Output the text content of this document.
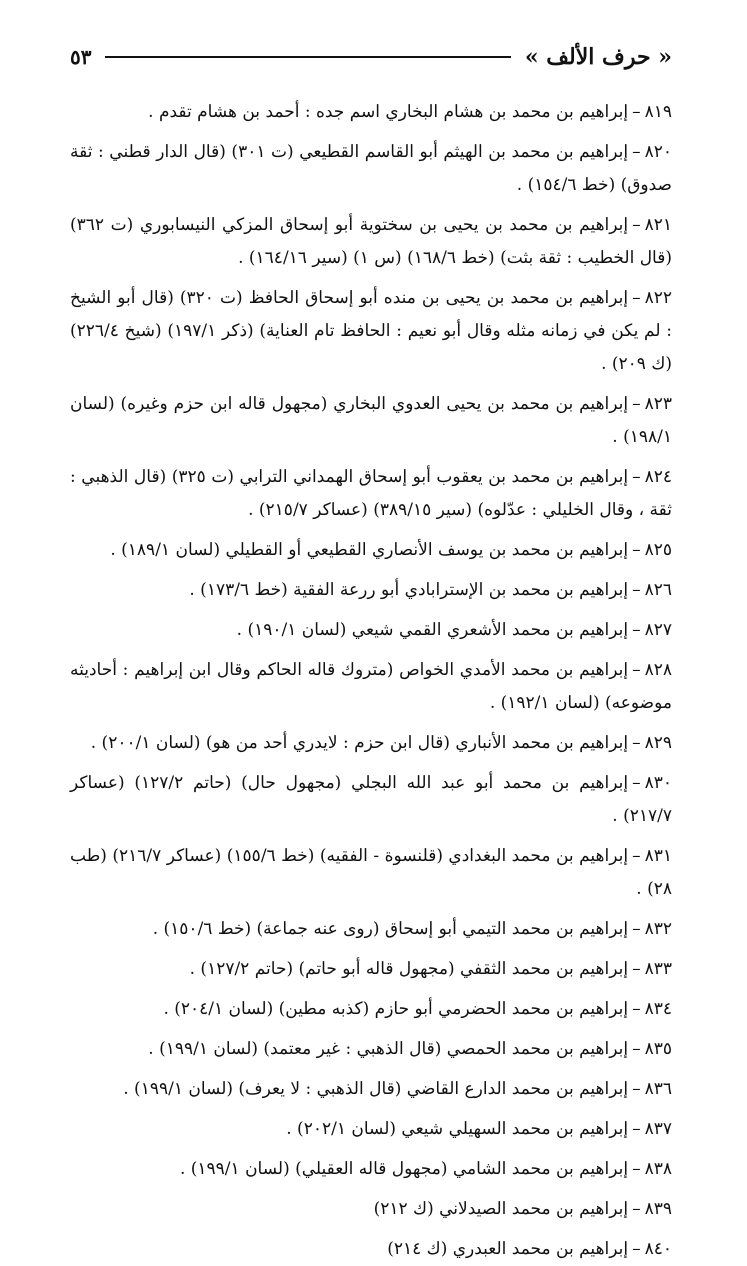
« حرف الألف »
٥٣
٨١٩–إبراهيم بن محمد بن هشام البخاري اسم جده : أحمد بن هشام تقدم .
٨٢٠–إبراهيم بن محمد بن الهيثم أبو القاسم القطيعي (ت ٣٠١) (قال الدار قطني : ثقة صدوق) (خط ١٥٤/٦) .
٨٢١–إبراهيم بن محمد بن يحيى بن سختوية أبو إسحاق المزكي النيسابوري (ت ٣٦٢) (قال الخطيب : ثقة بثت) (خط ١٦٨/٦) (س ١) (سير ١٦٤/١٦) .
٨٢٢–إبراهيم بن محمد بن يحيى بن منده أبو إسحاق الحافظ (ت ٣٢٠) (قال أبو الشيخ : لم يكن في زمانه مثله وقال أبو نعيم : الحافظ تام العناية) (ذكر ١٩٧/١) (شيخ ٢٢٦/٤) (ك ٢٠٩) .
٨٢٣–إبراهيم بن محمد بن يحيى العدوي البخاري (مجهول قاله ابن حزم وغيره) (لسان ١٩٨/١) .
٨٢٤–إبراهيم بن محمد بن يعقوب أبو إسحاق الهمداني الترابي (ت ٣٢٥) (قال الذهبي : ثقة ، وقال الخليلي : عدّلوه) (سير ٣٨٩/١٥) (عساكر ٢١٥/٧) .
٨٢٥–إبراهيم بن محمد بن يوسف الأنصاري القطيعي أو القطيلي (لسان ١٨٩/١) .
٨٢٦–إبراهيم بن محمد بن الإسترابادي أبو ررعة الفقية (خط ١٧٣/٦) .
٨٢٧–إبراهيم بن محمد الأشعري القمي شيعي (لسان ١٩٠/١) .
٨٢٨–إبراهيم بن محمد الأمدي الخواص (متروك قاله الحاكم وقال ابن إبراهيم : أحاديثه موضوعه) (لسان ١٩٢/١) .
٨٢٩–إبراهيم بن محمد الأنباري (قال ابن حزم : لايدري أحد من هو) (لسان ٢٠٠/١) .
٨٣٠–إبراهيم بن محمد أبو عبد الله البجلي (مجهول حال) (حاتم ١٢٧/٢) (عساكر ٢١٧/٧) .
٨٣١–إبراهيم بن محمد البغدادي (قلنسوة - الفقيه) (خط ١٥٥/٦) (عساكر ٢١٦/٧) (طب ٢٨) .
٨٣٢–إبراهيم بن محمد التيمي أبو إسحاق (روى عنه جماعة) (خط ١٥٠/٦) .
٨٣٣–إبراهيم بن محمد الثقفي (مجهول قاله أبو حاتم) (حاتم ١٢٧/٢) .
٨٣٤–إبراهيم بن محمد الحضرمي أبو حازم (كذبه مطين) (لسان ٢٠٤/١) .
٨٣٥–إبراهيم بن محمد الحمصي (قال الذهبي : غير معتمد) (لسان ١٩٩/١) .
٨٣٦–إبراهيم بن محمد الدارع القاضي (قال الذهبي : لا يعرف) (لسان ١٩٩/١) .
٨٣٧–إبراهيم بن محمد السهيلي شيعي (لسان ٢٠٢/١) .
٨٣٨–إبراهيم بن محمد الشامي (مجهول قاله العقيلي) (لسان ١٩٩/١) .
٨٣٩–إبراهيم بن محمد الصيدلاني (ك ٢١٢)
٨٤٠–إبراهيم بن محمد العبدري (ك ٢١٤)
